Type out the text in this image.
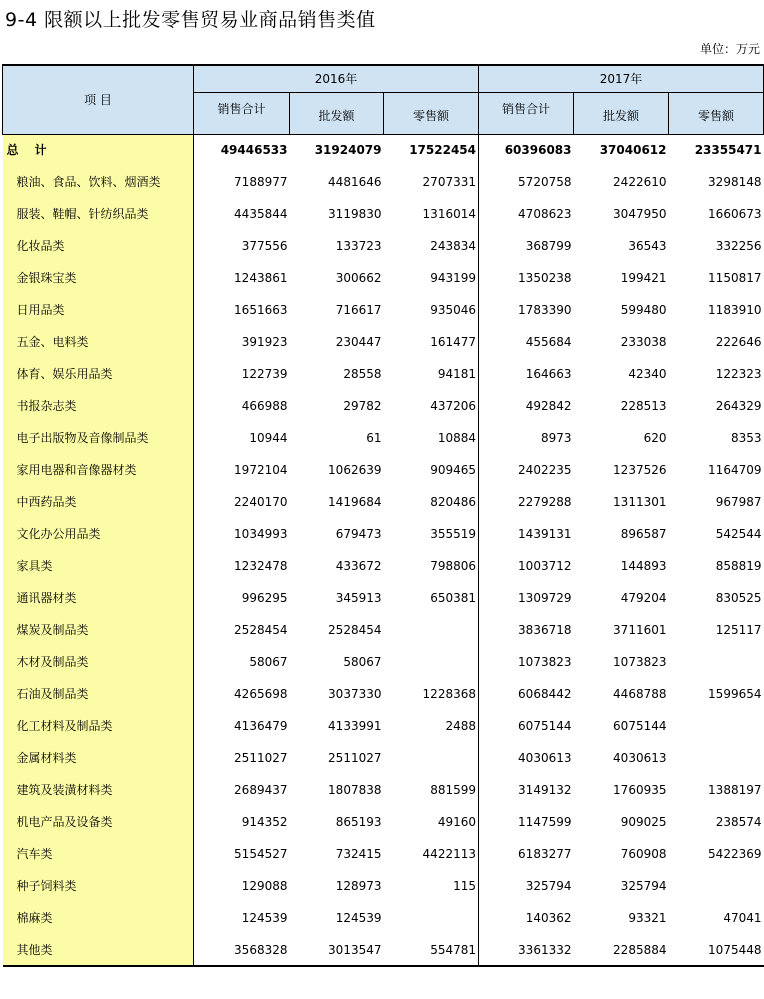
9-4 限额以上批发零售贸易业商品销售类值
单位：万元
项 目	2016年			2017年		
	销售合计	批发额	零售额	销售合计	批发额	零售额
总 计	49446533	31924079	17522454	60396083	37040612	23355471
粮油、食品、饮料、烟酒类	7188977	4481646	2707331	5720758	2422610	3298148
服装、鞋帽、针纺织品类	4435844	3119830	1316014	4708623	3047950	1660673
化妆品类	377556	133723	243834	368799	36543	332256
金银珠宝类	1243861	300662	943199	1350238	199421	1150817
日用品类	1651663	716617	935046	1783390	599480	1183910
五金、电料类	391923	230447	161477	455684	233038	222646
体育、娱乐用品类	122739	28558	94181	164663	42340	122323
书报杂志类	466988	29782	437206	492842	228513	264329
电子出版物及音像制品类	10944	61	10884	8973	620	8353
家用电器和音像器材类	1972104	1062639	909465	2402235	1237526	1164709
中西药品类	2240170	1419684	820486	2279288	1311301	967987
文化办公用品类	1034993	679473	355519	1439131	896587	542544
家具类	1232478	433672	798806	1003712	144893	858819
通讯器材类	996295	345913	650381	1309729	479204	830525
煤炭及制品类	2528454	2528454		3836718	3711601	125117
木材及制品类	58067	58067		1073823	1073823	
石油及制品类	4265698	3037330	1228368	6068442	4468788	1599654
化工材料及制品类	4136479	4133991	2488	6075144	6075144	
金属材料类	2511027	2511027		4030613	4030613	
建筑及装潢材料类	2689437	1807838	881599	3149132	1760935	1388197
机电产品及设备类	914352	865193	49160	1147599	909025	238574
汽车类	5154527	732415	4422113	6183277	760908	5422369
种子饲料类	129088	128973	115	325794	325794	
棉麻类	124539	124539		140362	93321	47041
其他类	3568328	3013547	554781	3361332	2285884	1075448
